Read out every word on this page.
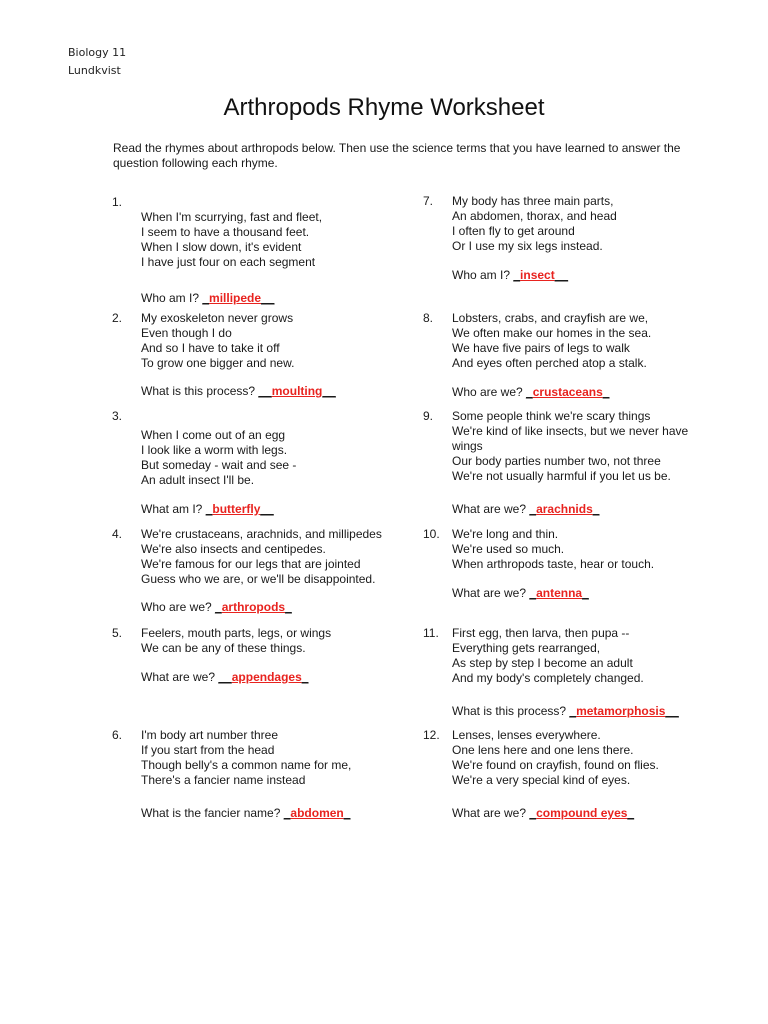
Biology 11
Lundkvist
Arthropods Rhyme Worksheet
Read the rhymes about arthropods below. Then use the science terms that you have learned to answer the question following each rhyme.
1.
When I'm scurrying, fast and fleet,
I seem to have a thousand feet.
When I slow down, it's evident
I have just four on each segment
Who am I? _millipede__
2. My exoskeleton never grows
Even though I do
And so I have to take it off
To grow one bigger and new.
What is this process? __moulting__
3.
When I come out of an egg
I look like a worm with legs.
But someday - wait and see -
An adult insect I'll be.
What am I? _butterfly__
4. We're crustaceans, arachnids, and millipedes
We're also insects and centipedes.
We're famous for our legs that are jointed
Guess who we are, or we'll be disappointed.
Who are we? _arthropods_
5. Feelers, mouth parts, legs, or wings
We can be any of these things.
What are we? __appendages_
6. I'm body art number three
If you start from the head
Though belly's a common name for me,
There's a fancier name instead
What is the fancier name? _abdomen_
7. My body has three main parts,
An abdomen, thorax, and head
I often fly to get around
Or I use my six legs instead.
Who am I? _insect__
8. Lobsters, crabs, and crayfish are we,
We often make our homes in the sea.
We have five pairs of legs to walk
And eyes often perched atop a stalk.
Who are we? _crustaceans_
9. Some people think we're scary things
We're kind of like insects, but we never have
wings
Our body parties number two, not three
We're not usually harmful if you let us be.
What are we? _arachnids_
10. We're long and thin.
We're used so much.
When arthropods taste, hear or touch.
What are we? _antenna_
11. First egg, then larva, then pupa --
Everything gets rearranged,
As step by step I become an adult
And my body's completely changed.
What is this process? _metamorphosis__
12. Lenses, lenses everywhere.
One lens here and one lens there.
We're found on crayfish, found on flies.
We're a very special kind of eyes.
What are we? _compound eyes_
